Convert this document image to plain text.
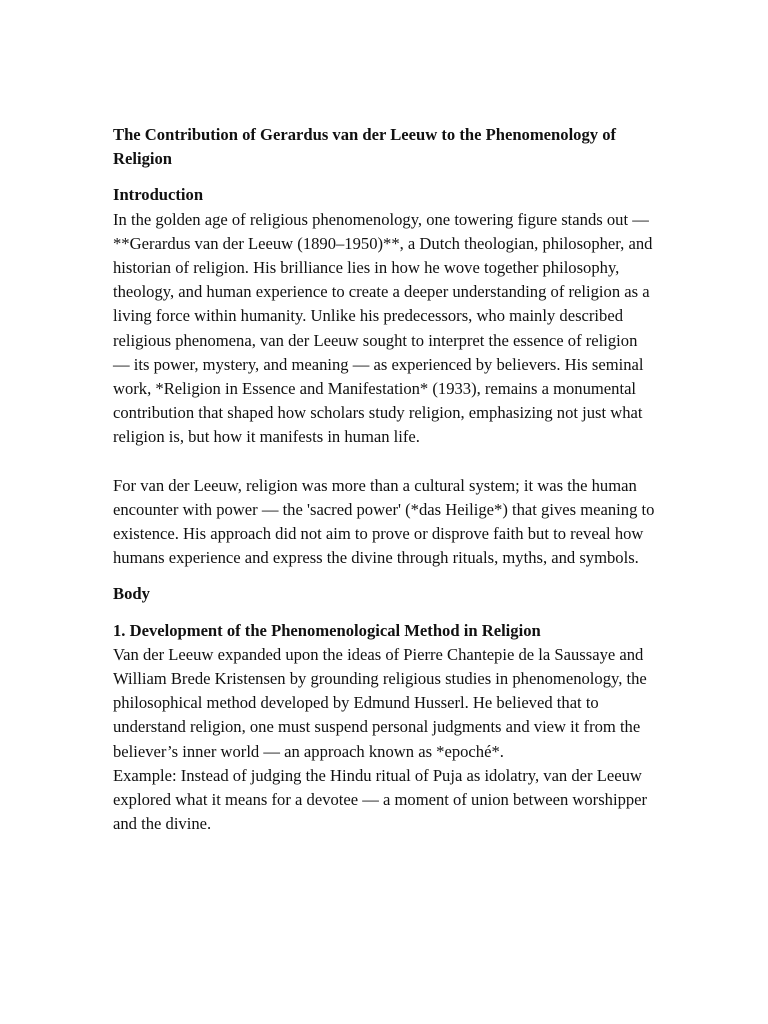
The Contribution of Gerardus van der Leeuw to the Phenomenology of Religion

Introduction

In the golden age of religious phenomenology, one towering figure stands out — **Gerardus van der Leeuw (1890–1950)**, a Dutch theologian, philosopher, and historian of religion. His brilliance lies in how he wove together philosophy, theology, and human experience to create a deeper understanding of religion as a living force within humanity. Unlike his predecessors, who mainly described religious phenomena, van der Leeuw sought to interpret the essence of religion — its power, mystery, and meaning — as experienced by believers. His seminal work, *Religion in Essence and Manifestation* (1933), remains a monumental contribution that shaped how scholars study religion, emphasizing not just what religion is, but how it manifests in human life.

For van der Leeuw, religion was more than a cultural system; it was the human encounter with power — the 'sacred power' (*das Heilige*) that gives meaning to existence. His approach did not aim to prove or disprove faith but to reveal how humans experience and express the divine through rituals, myths, and symbols.

Body

1. Development of the Phenomenological Method in Religion

Van der Leeuw expanded upon the ideas of Pierre Chantepie de la Saussaye and William Brede Kristensen by grounding religious studies in phenomenology, the philosophical method developed by Edmund Husserl. He believed that to understand religion, one must suspend personal judgments and view it from the believer’s inner world — an approach known as *epoché*.

Example: Instead of judging the Hindu ritual of Puja as idolatry, van der Leeuw explored what it means for a devotee — a moment of union between worshipper and the divine.
